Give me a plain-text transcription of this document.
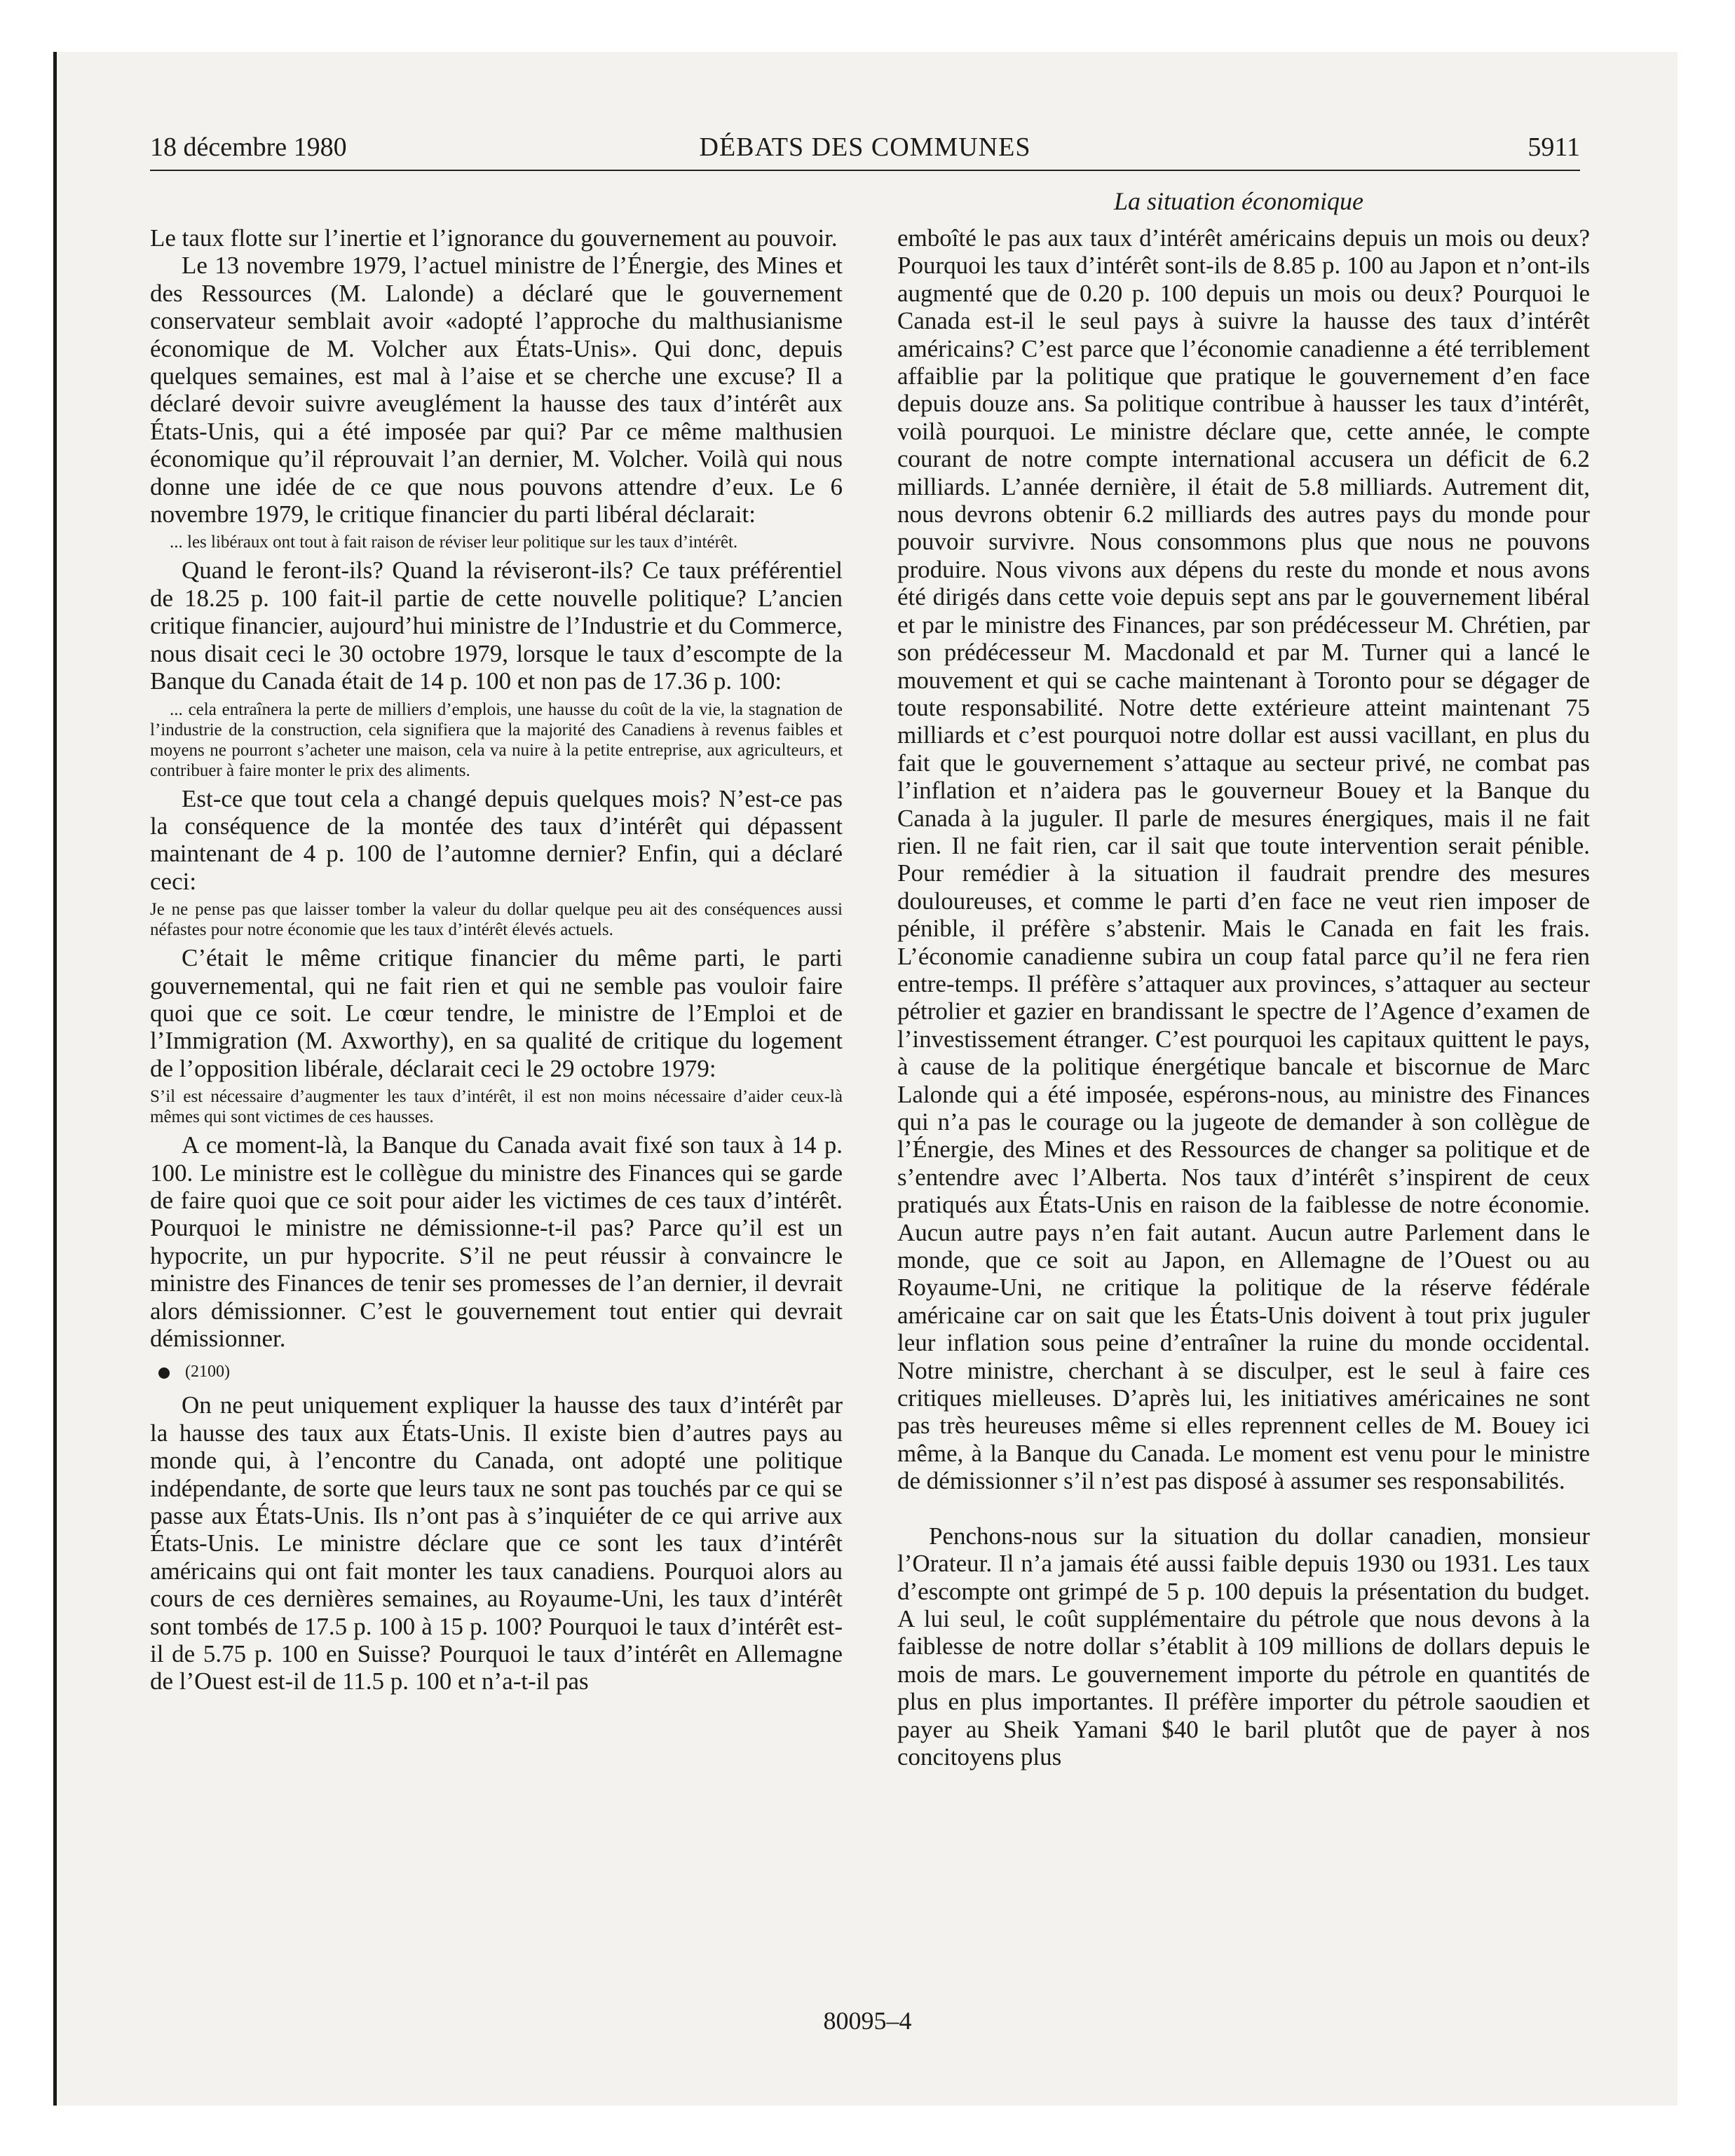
18 décembre 1980	DÉBATS DES COMMUNES	5911
La situation économique

Le taux flotte sur l’inertie et l’ignorance du gouvernement au pouvoir.

Le 13 novembre 1979, l’actuel ministre de l’Énergie, des Mines et des Ressources (M. Lalonde) a déclaré que le gouvernement conservateur semblait avoir «adopté l’approche du malthusianisme économique de M. Volcher aux États-Unis». Qui donc, depuis quelques semaines, est mal à l’aise et se cherche une excuse? Il a déclaré devoir suivre aveuglément la hausse des taux d’intérêt aux États-Unis, qui a été imposée par qui? Par ce même malthusien économique qu’il réprouvait l’an dernier, M. Volcher. Voilà qui nous donne une idée de ce que nous pouvons attendre d’eux. Le 6 novembre 1979, le critique financier du parti libéral déclarait:

... les libéraux ont tout à fait raison de réviser leur politique sur les taux d’intérêt.

Quand le feront-ils? Quand la réviseront-ils? Ce taux préférentiel de 18.25 p. 100 fait-il partie de cette nouvelle politique? L’ancien critique financier, aujourd’hui ministre de l’Industrie et du Commerce, nous disait ceci le 30 octobre 1979, lorsque le taux d’escompte de la Banque du Canada était de 14 p. 100 et non pas de 17.36 p. 100:

... cela entraînera la perte de milliers d’emplois, une hausse du coût de la vie, la stagnation de l’industrie de la construction, cela signifiera que la majorité des Canadiens à revenus faibles et moyens ne pourront s’acheter une maison, cela va nuire à la petite entreprise, aux agriculteurs, et contribuer à faire monter le prix des aliments.

Est-ce que tout cela a changé depuis quelques mois? N’est-ce pas la conséquence de la montée des taux d’intérêt qui dépassent maintenant de 4 p. 100 de l’automne dernier? Enfin, qui a déclaré ceci:

Je ne pense pas que laisser tomber la valeur du dollar quelque peu ait des conséquences aussi néfastes pour notre économie que les taux d’intérêt élevés actuels.

C’était le même critique financier du même parti, le parti gouvernemental, qui ne fait rien et qui ne semble pas vouloir faire quoi que ce soit. Le cœur tendre, le ministre de l’Emploi et de l’Immigration (M. Axworthy), en sa qualité de critique du logement de l’opposition libérale, déclarait ceci le 29 octobre 1979:

S’il est nécessaire d’augmenter les taux d’intérêt, il est non moins nécessaire d’aider ceux-là mêmes qui sont victimes de ces hausses.

A ce moment-là, la Banque du Canada avait fixé son taux à 14 p. 100. Le ministre est le collègue du ministre des Finances qui se garde de faire quoi que ce soit pour aider les victimes de ces taux d’intérêt. Pourquoi le ministre ne démissionne-t-il pas? Parce qu’il est un hypocrite, un pur hypocrite. S’il ne peut réussir à convaincre le ministre des Finances de tenir ses promesses de l’an dernier, il devrait alors démissionner. C’est le gouvernement tout entier qui devrait démissionner.

(2100)

On ne peut uniquement expliquer la hausse des taux d’intérêt par la hausse des taux aux États-Unis. Il existe bien d’autres pays au monde qui, à l’encontre du Canada, ont adopté une politique indépendante, de sorte que leurs taux ne sont pas touchés par ce qui se passe aux États-Unis. Ils n’ont pas à s’inquiéter de ce qui arrive aux États-Unis. Le ministre déclare que ce sont les taux d’intérêt américains qui ont fait monter les taux canadiens. Pourquoi alors au cours de ces dernières semaines, au Royaume-Uni, les taux d’intérêt sont tombés de 17.5 p. 100 à 15 p. 100? Pourquoi le taux d’intérêt est-il de 5.75 p. 100 en Suisse? Pourquoi le taux d’intérêt en Allemagne de l’Ouest est-il de 11.5 p. 100 et n’a-t-il pas

emboîté le pas aux taux d’intérêt américains depuis un mois ou deux? Pourquoi les taux d’intérêt sont-ils de 8.85 p. 100 au Japon et n’ont-ils augmenté que de 0.20 p. 100 depuis un mois ou deux? Pourquoi le Canada est-il le seul pays à suivre la hausse des taux d’intérêt américains? C’est parce que l’économie canadienne a été terriblement affaiblie par la politique que pratique le gouvernement d’en face depuis douze ans. Sa politique contribue à hausser les taux d’intérêt, voilà pourquoi. Le ministre déclare que, cette année, le compte courant de notre compte international accusera un déficit de 6.2 milliards. L’année dernière, il était de 5.8 milliards. Autrement dit, nous devrons obtenir 6.2 milliards des autres pays du monde pour pouvoir survivre. Nous consommons plus que nous ne pouvons produire. Nous vivons aux dépens du reste du monde et nous avons été dirigés dans cette voie depuis sept ans par le gouvernement libéral et par le ministre des Finances, par son prédécesseur M. Chrétien, par son prédécesseur M. Macdonald et par M. Turner qui a lancé le mouvement et qui se cache maintenant à Toronto pour se dégager de toute responsabilité. Notre dette extérieure atteint maintenant 75 milliards et c’est pourquoi notre dollar est aussi vacillant, en plus du fait que le gouvernement s’attaque au secteur privé, ne combat pas l’inflation et n’aidera pas le gouverneur Bouey et la Banque du Canada à la juguler. Il parle de mesures énergiques, mais il ne fait rien. Il ne fait rien, car il sait que toute intervention serait pénible. Pour remédier à la situation il faudrait prendre des mesures douloureuses, et comme le parti d’en face ne veut rien imposer de pénible, il préfère s’abstenir. Mais le Canada en fait les frais. L’économie canadienne subira un coup fatal parce qu’il ne fera rien entre-temps. Il préfère s’attaquer aux provinces, s’attaquer au secteur pétrolier et gazier en brandissant le spectre de l’Agence d’examen de l’investissement étranger. C’est pourquoi les capitaux quittent le pays, à cause de la politique énergétique bancale et biscornue de Marc Lalonde qui a été imposée, espérons-nous, au ministre des Finances qui n’a pas le courage ou la jugeote de demander à son collègue de l’Énergie, des Mines et des Ressources de changer sa politique et de s’entendre avec l’Alberta. Nos taux d’intérêt s’inspirent de ceux pratiqués aux États-Unis en raison de la faiblesse de notre économie. Aucun autre pays n’en fait autant. Aucun autre Parlement dans le monde, que ce soit au Japon, en Allemagne de l’Ouest ou au Royaume-Uni, ne critique la politique de la réserve fédérale américaine car on sait que les États-Unis doivent à tout prix juguler leur inflation sous peine d’entraîner la ruine du monde occidental. Notre ministre, cherchant à se disculper, est le seul à faire ces critiques mielleuses. D’après lui, les initiatives américaines ne sont pas très heureuses même si elles reprennent celles de M. Bouey ici même, à la Banque du Canada. Le moment est venu pour le ministre de démissionner s’il n’est pas disposé à assumer ses responsabilités.

Penchons-nous sur la situation du dollar canadien, monsieur l’Orateur. Il n’a jamais été aussi faible depuis 1930 ou 1931. Les taux d’escompte ont grimpé de 5 p. 100 depuis la présentation du budget. A lui seul, le coût supplémentaire du pétrole que nous devons à la faiblesse de notre dollar s’établit à 109 millions de dollars depuis le mois de mars. Le gouvernement importe du pétrole en quantités de plus en plus importantes. Il préfère importer du pétrole saoudien et payer au Sheik Yamani $40 le baril plutôt que de payer à nos concitoyens plus

80095–4
